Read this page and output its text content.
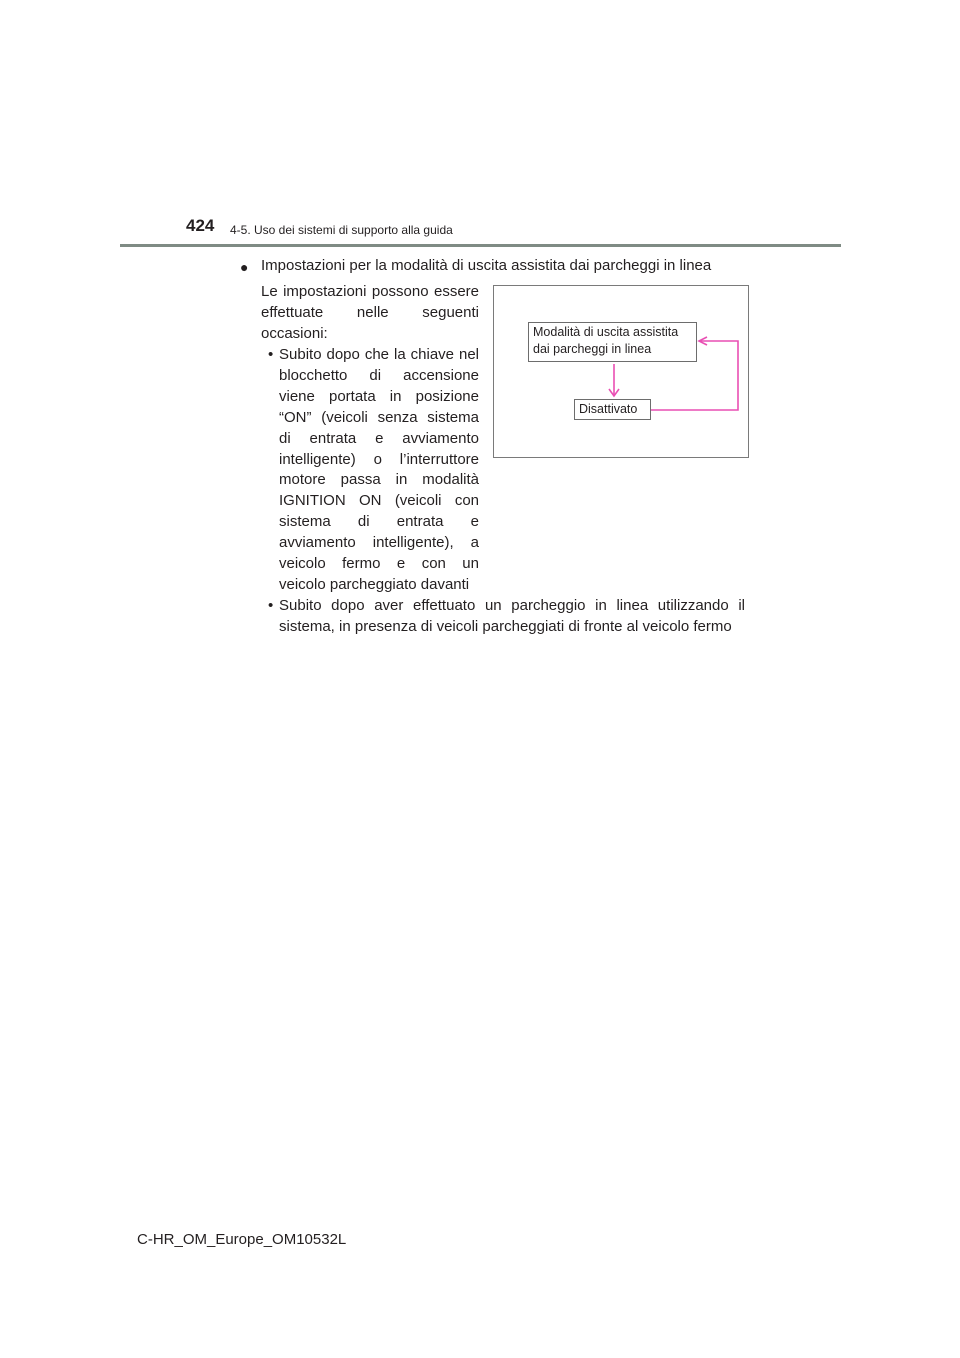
424 4-5. Uso dei sistemi di supporto alla guida
● Impostazioni per la modalità di uscita assistita dai parcheggi in linea
Le impostazioni possono essere
effettuate nelle seguenti
occasioni:
• Subito dopo che la chiave nel
blocchetto di accensione
viene portata in posizione
“ON” (veicoli senza sistema
di entrata e avviamento
intelligente) o l’interruttore
motore passa in modalità
IGNITION ON (veicoli con
sistema di entrata e
avviamento intelligente), a
veicolo fermo e con un
veicolo parcheggiato davanti
• Subito dopo aver effettuato un parcheggio in linea utilizzando il
sistema, in presenza di veicoli parcheggiati di fronte al veicolo fermo
Modalità di uscita assistita
dai parcheggi in linea
Disattivato
C-HR_OM_Europe_OM10532L
